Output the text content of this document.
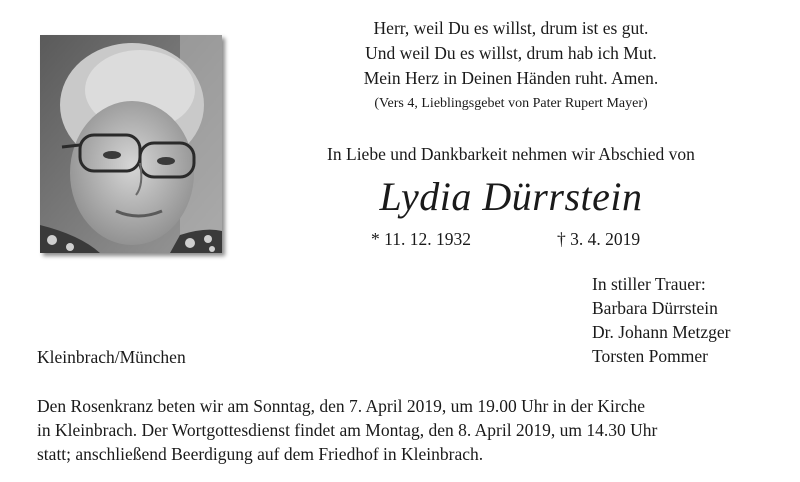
Herr, weil Du es willst, drum ist es gut.
Und weil Du es willst, drum hab ich Mut.
Mein Herz in Deinen Händen ruht. Amen.
(Vers 4, Lieblingsgebet von Pater Rupert Mayer)
In Liebe und Dankbarkeit nehmen wir Abschied von
Lydia Dürrstein
* 11. 12. 1932	† 3. 4. 2019
In stiller Trauer:
Barbara Dürrstein
Dr. Johann Metzger
Torsten Pommer
Kleinbrach/München
Den Rosenkranz beten wir am Sonntag, den 7. April 2019, um 19.00 Uhr in der Kirche
in Kleinbrach. Der Wortgottesdienst findet am Montag, den 8. April 2019, um 14.30 Uhr
statt; anschließend Beerdigung auf dem Friedhof in Kleinbrach.
